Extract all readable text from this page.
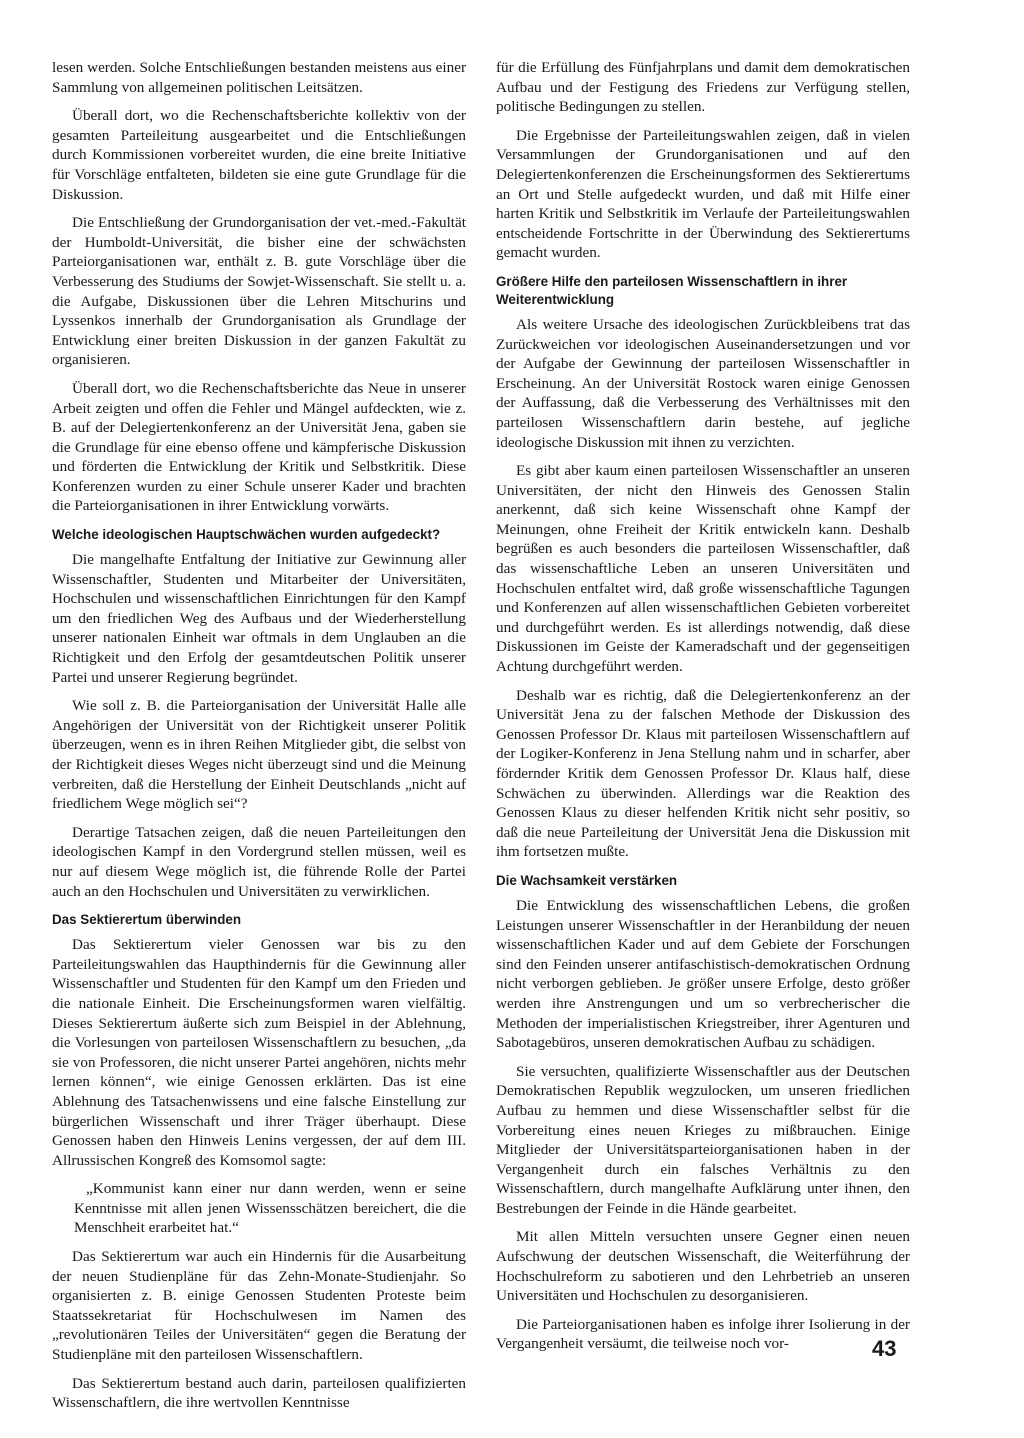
lesen werden. Solche Entschließungen bestanden meistens aus einer Sammlung von allgemeinen politischen Leitsätzen.

Überall dort, wo die Rechenschaftsberichte kollektiv von der gesamten Parteileitung ausgearbeitet und die Entschließungen durch Kommissionen vorbereitet wurden, die eine breite Initiative für Vorschläge entfalteten, bildeten sie eine gute Grundlage für die Diskussion.

Die Entschließung der Grundorganisation der vet.-med.-Fakultät der Humboldt-Universität, die bisher eine der schwächsten Parteiorganisationen war, enthält z. B. gute Vorschläge über die Verbesserung des Studiums der Sowjet-Wissenschaft. Sie stellt u. a. die Aufgabe, Diskussionen über die Lehren Mitschurins und Lyssenkos innerhalb der Grundorganisation als Grundlage der Entwicklung einer breiten Diskussion in der ganzen Fakultät zu organisieren.

Überall dort, wo die Rechenschaftsberichte das Neue in unserer Arbeit zeigten und offen die Fehler und Mängel aufdeckten, wie z. B. auf der Delegiertenkonferenz an der Universität Jena, gaben sie die Grundlage für eine ebenso offene und kämpferische Diskussion und förderten die Entwicklung der Kritik und Selbstkritik. Diese Konferenzen wurden zu einer Schule unserer Kader und brachten die Parteiorganisationen in ihrer Entwicklung vorwärts.

Welche ideologischen Hauptschwächen wurden aufgedeckt?

Die mangelhafte Entfaltung der Initiative zur Gewinnung aller Wissenschaftler, Studenten und Mitarbeiter der Universitäten, Hochschulen und wissenschaftlichen Einrichtungen für den Kampf um den friedlichen Weg des Aufbaus und der Wiederherstellung unserer nationalen Einheit war oftmals in dem Unglauben an die Richtigkeit und den Erfolg der gesamtdeutschen Politik unserer Partei und unserer Regierung begründet.

Wie soll z. B. die Parteiorganisation der Universität Halle alle Angehörigen der Universität von der Richtigkeit unserer Politik überzeugen, wenn es in ihren Reihen Mitglieder gibt, die selbst von der Richtigkeit dieses Weges nicht überzeugt sind und die Meinung verbreiten, daß die Herstellung der Einheit Deutschlands „nicht auf friedlichem Wege möglich sei“?

Derartige Tatsachen zeigen, daß die neuen Parteileitungen den ideologischen Kampf in den Vordergrund stellen müssen, weil es nur auf diesem Wege möglich ist, die führende Rolle der Partei auch an den Hochschulen und Universitäten zu verwirklichen.

Das Sektierertum überwinden

Das Sektierertum vieler Genossen war bis zu den Parteileitungswahlen das Haupthindernis für die Gewinnung aller Wissenschaftler und Studenten für den Kampf um den Frieden und die nationale Einheit. Die Erscheinungsformen waren vielfältig. Dieses Sektierertum äußerte sich zum Beispiel in der Ablehnung, die Vorlesungen von parteilosen Wissenschaftlern zu besuchen, „da sie von Professoren, die nicht unserer Partei angehören, nichts mehr lernen können“, wie einige Genossen erklärten. Das ist eine Ablehnung des Tatsachenwissens und eine falsche Einstellung zur bürgerlichen Wissenschaft und ihrer Träger überhaupt. Diese Genossen haben den Hinweis Lenins vergessen, der auf dem III. Allrussischen Kongreß des Komsomol sagte:

„Kommunist kann einer nur dann werden, wenn er seine Kenntnisse mit allen jenen Wissensschätzen bereichert, die die Menschheit erarbeitet hat.“

Das Sektierertum war auch ein Hindernis für die Ausarbeitung der neuen Studienpläne für das Zehn-Monate-Studienjahr. So organisierten z. B. einige Genossen Studenten Proteste beim Staatssekretariat für Hochschulwesen im Namen des „revolutionären Teiles der Universitäten“ gegen die Beratung der Studienpläne mit den parteilosen Wissenschaftlern.

Das Sektierertum bestand auch darin, parteilosen qualifizierten Wissenschaftlern, die ihre wertvollen Kenntnisse

für die Erfüllung des Fünfjahrplans und damit dem demokratischen Aufbau und der Festigung des Friedens zur Verfügung stellen, politische Bedingungen zu stellen.

Die Ergebnisse der Parteileitungswahlen zeigen, daß in vielen Versammlungen der Grundorganisationen und auf den Delegiertenkonferenzen die Erscheinungsformen des Sektierertums an Ort und Stelle aufgedeckt wurden, und daß mit Hilfe einer harten Kritik und Selbstkritik im Verlaufe der Parteileitungswahlen entscheidende Fortschritte in der Überwindung des Sektierertums gemacht wurden.

Größere Hilfe den parteilosen Wissenschaftlern in ihrer Weiterentwicklung

Als weitere Ursache des ideologischen Zurückbleibens trat das Zurückweichen vor ideologischen Auseinandersetzungen und vor der Aufgabe der Gewinnung der parteilosen Wissenschaftler in Erscheinung. An der Universität Rostock waren einige Genossen der Auffassung, daß die Verbesserung des Verhältnisses mit den parteilosen Wissenschaftlern darin bestehe, auf jegliche ideologische Diskussion mit ihnen zu verzichten.

Es gibt aber kaum einen parteilosen Wissenschaftler an unseren Universitäten, der nicht den Hinweis des Genossen Stalin anerkennt, daß sich keine Wissenschaft ohne Kampf der Meinungen, ohne Freiheit der Kritik entwickeln kann. Deshalb begrüßen es auch besonders die parteilosen Wissenschaftler, daß das wissenschaftliche Leben an unseren Universitäten und Hochschulen entfaltet wird, daß große wissenschaftliche Tagungen und Konferenzen auf allen wissenschaftlichen Gebieten vorbereitet und durchgeführt werden. Es ist allerdings notwendig, daß diese Diskussionen im Geiste der Kameradschaft und der gegenseitigen Achtung durchgeführt werden.

Deshalb war es richtig, daß die Delegiertenkonferenz an der Universität Jena zu der falschen Methode der Diskussion des Genossen Professor Dr. Klaus mit parteilosen Wissenschaftlern auf der Logiker-Konferenz in Jena Stellung nahm und in scharfer, aber fördernder Kritik dem Genossen Professor Dr. Klaus half, diese Schwächen zu überwinden. Allerdings war die Reaktion des Genossen Klaus zu dieser helfenden Kritik nicht sehr positiv, so daß die neue Parteileitung der Universität Jena die Diskussion mit ihm fortsetzen mußte.

Die Wachsamkeit verstärken

Die Entwicklung des wissenschaftlichen Lebens, die großen Leistungen unserer Wissenschaftler in der Heranbildung der neuen wissenschaftlichen Kader und auf dem Gebiete der Forschungen sind den Feinden unserer antifaschistisch-demokratischen Ordnung nicht verborgen geblieben. Je größer unsere Erfolge, desto größer werden ihre Anstrengungen und um so verbrecherischer die Methoden der imperialistischen Kriegstreiber, ihrer Agenturen und Sabotagebüros, unseren demokratischen Aufbau zu schädigen.

Sie versuchten, qualifizierte Wissenschaftler aus der Deutschen Demokratischen Republik wegzulocken, um unseren friedlichen Aufbau zu hemmen und diese Wissenschaftler selbst für die Vorbereitung eines neuen Krieges zu mißbrauchen. Einige Mitglieder der Universitätsparteiorganisationen haben in der Vergangenheit durch ein falsches Verhältnis zu den Wissenschaftlern, durch mangelhafte Aufklärung unter ihnen, den Bestrebungen der Feinde in die Hände gearbeitet.

Mit allen Mitteln versuchten unsere Gegner einen neuen Aufschwung der deutschen Wissenschaft, die Weiterführung der Hochschulreform zu sabotieren und den Lehrbetrieb an unseren Universitäten und Hochschulen zu desorganisieren.

Die Parteiorganisationen haben es infolge ihrer Isolierung in der Vergangenheit versäumt, die teilweise noch vor-	43
